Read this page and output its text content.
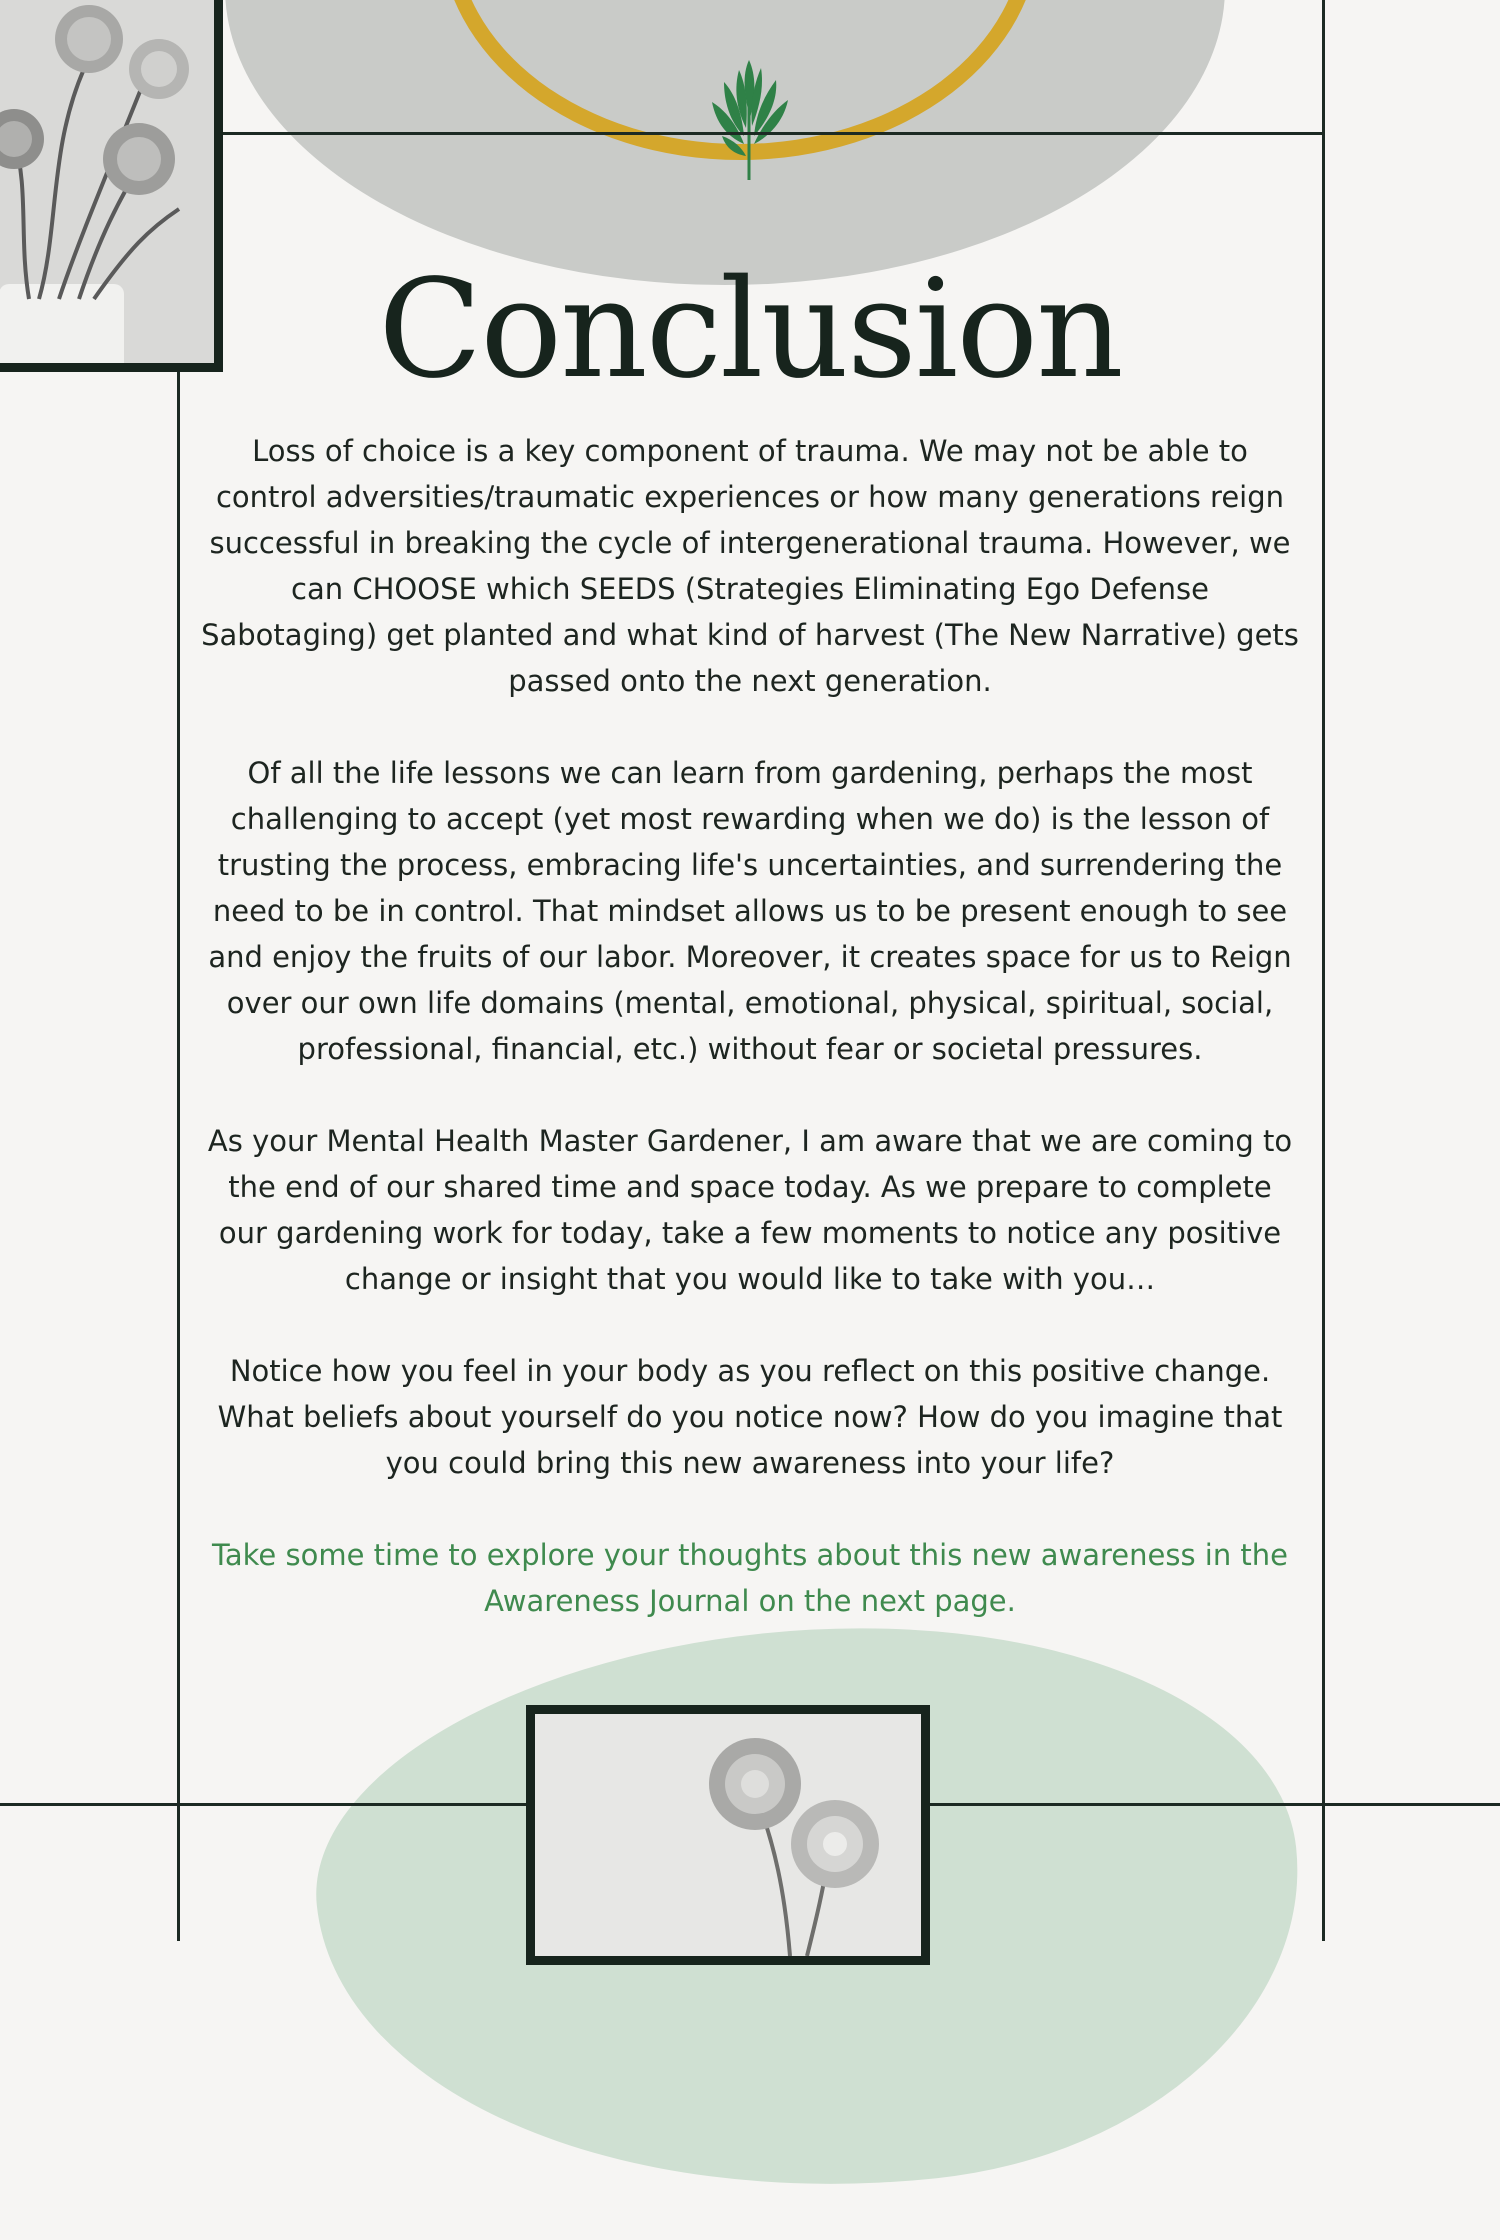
Conclusion

Loss of choice is a key component of trauma. We may not be able to
control adversities/traumatic experiences or how many generations reign
successful in breaking the cycle of intergenerational trauma. However, we
can CHOOSE which SEEDS (Strategies Eliminating Ego Defense
Sabotaging) get planted and what kind of harvest (The New Narrative) gets
passed onto the next generation.

Of all the life lessons we can learn from gardening, perhaps the most
challenging to accept (yet most rewarding when we do) is the lesson of
trusting the process, embracing life's uncertainties, and surrendering the
need to be in control. That mindset allows us to be present enough to see
and enjoy the fruits of our labor. Moreover, it creates space for us to Reign
over our own life domains (mental, emotional, physical, spiritual, social,
professional, financial, etc.) without fear or societal pressures.

As your Mental Health Master Gardener, I am aware that we are coming to
the end of our shared time and space today. As we prepare to complete
our gardening work for today, take a few moments to notice any positive
change or insight that you would like to take with you…

Notice how you feel in your body as you reflect on this positive change.
What beliefs about yourself do you notice now? How do you imagine that
you could bring this new awareness into your life?

Take some time to explore your thoughts about this new awareness in the
Awareness Journal on the next page.
